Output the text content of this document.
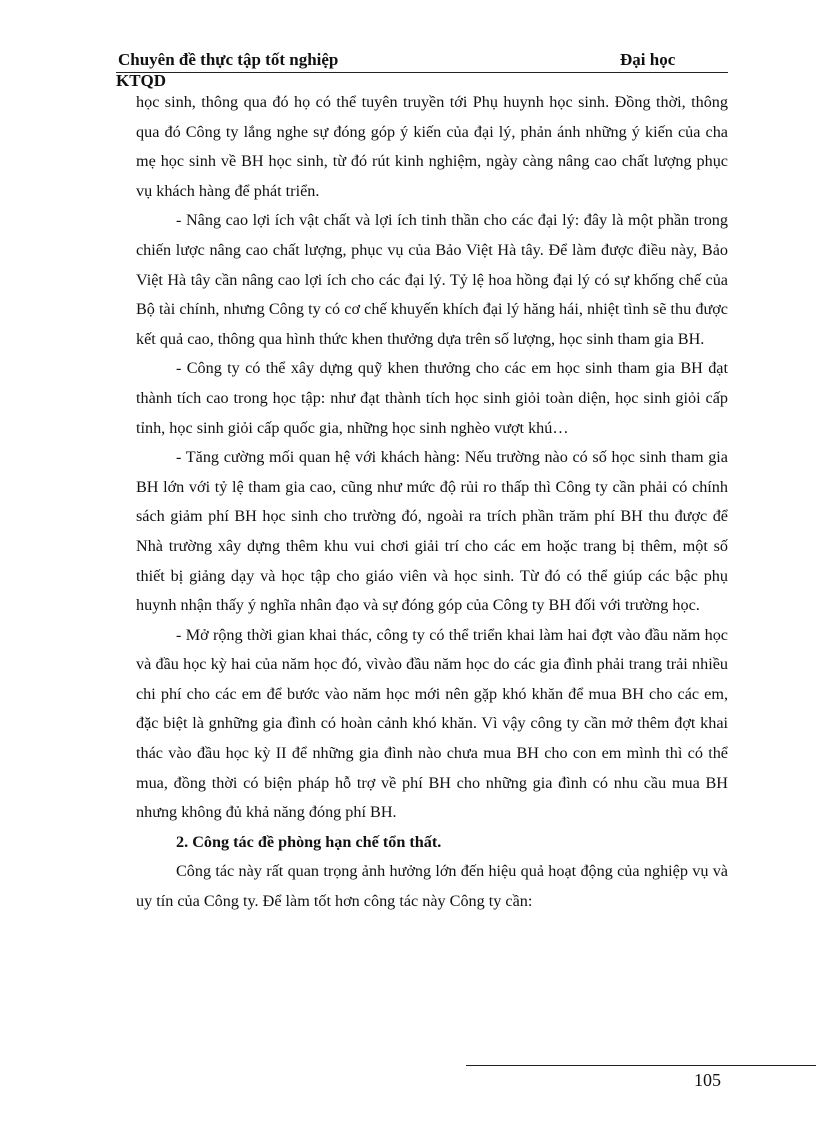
Chuyên đề thực tập tốt nghiệp	Đại học
KTQD

học sinh, thông qua đó họ có thể tuyên truyền tới Phụ huynh học sinh. Đồng thời, thông qua đó Công ty lắng nghe sự đóng góp ý kiến của đại lý, phản ánh những ý kiến của cha mẹ học sinh về BH học sinh, từ đó rút kinh nghiệm, ngày càng nâng cao chất lượng phục vụ khách hàng để phát triển.

- Nâng cao lợi ích vật chất và lợi ích tinh thần cho các đại lý: đây là một phần trong chiến lược nâng cao chất lượng, phục vụ của Bảo Việt Hà tây. Để làm được điều này, Bảo Việt Hà tây cần nâng cao lợi ích cho các đại lý. Tỷ lệ hoa hồng đại lý có sự khống chế của Bộ tài chính, nhưng Công ty có cơ chế khuyến khích đại lý hăng hái, nhiệt tình sẽ thu được kết quả cao, thông qua hình thức khen thưởng dựa trên số lượng, học sinh tham gia BH.

- Công ty có thể xây dựng quỹ khen thưởng cho các em học sinh tham gia BH đạt thành tích cao trong học tập: như đạt thành tích học sinh giỏi toàn diện, học sinh giỏi cấp tỉnh, học sinh giỏi cấp quốc gia, những học sinh nghèo vượt khú…

- Tăng cường mối quan hệ với khách hàng: Nếu trường nào có số học sinh tham gia BH lớn với tỷ lệ tham gia cao, cũng như mức độ rủi ro thấp thì Công ty cần phải có chính sách giảm phí BH học sinh cho trường đó, ngoài ra trích phần trăm phí BH thu được để Nhà trường xây dựng thêm khu vui chơi giải trí cho các em hoặc trang bị thêm, một số thiết bị giảng dạy và học tập cho giáo viên và học sinh. Từ đó có thể giúp các bậc phụ huynh nhận thấy ý nghĩa nhân đạo và sự đóng góp của Công ty BH đối với trường học.

- Mở rộng thời gian khai thác, công ty có thể triển khai làm hai đợt vào đầu năm học và đầu học kỳ hai của năm học đó, vìvào đầu năm học do các gia đình phải trang trải nhiều chi phí cho các em để bước vào năm học mới nên gặp khó khăn để mua BH cho các em, đặc biệt là gnhững gia đình có hoàn cảnh khó khăn. Vì vậy công ty cần mở thêm đợt khai thác vào đầu học kỳ II để những gia đình nào chưa mua BH cho con em mình thì có thể mua, đồng thời có biện pháp hỗ trợ về phí BH cho những gia đình có nhu cầu mua BH nhưng không đủ khả năng đóng phí BH.

2. Công tác đề phòng hạn chế tổn thất.

Công tác này rất quan trọng ảnh hưởng lớn đến hiệu quả hoạt động của nghiệp vụ và uy tín của Công ty. Để làm tốt hơn công tác này Công ty cần:

105
